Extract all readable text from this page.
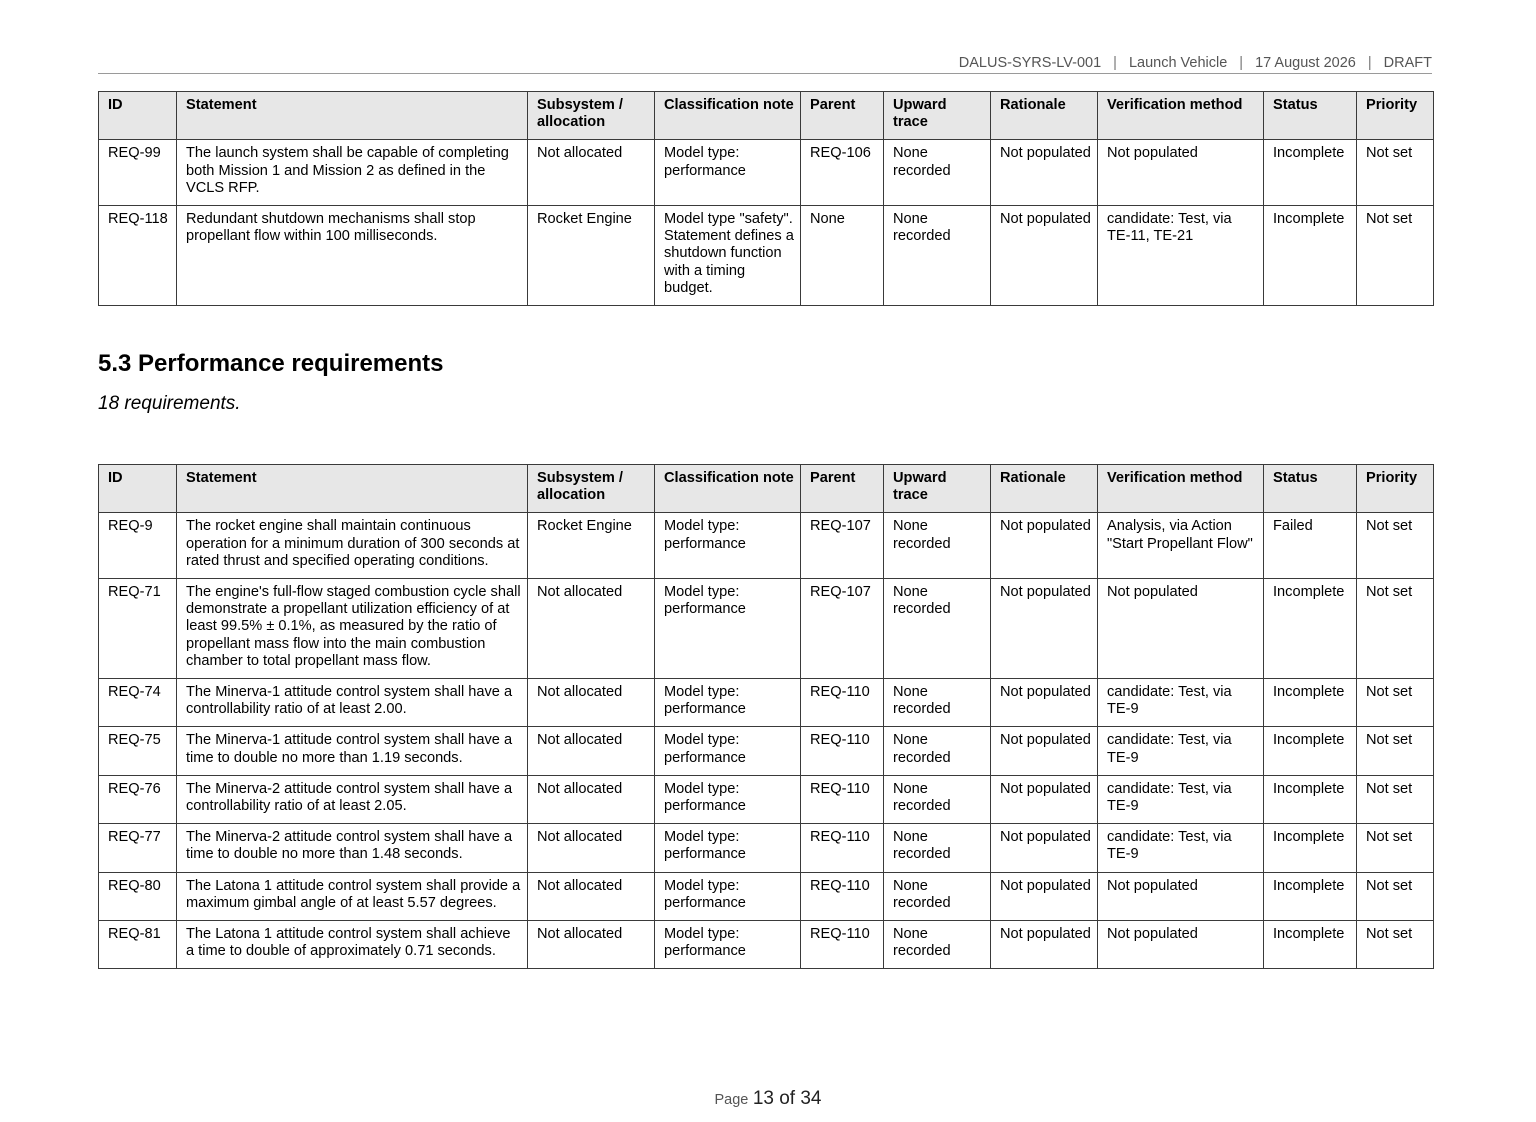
DALUS-SYRS-LV-001 | Launch Vehicle | 17 August 2026 | DRAFT
ID	Statement	Subsystem / allocation	Classification note	Parent	Upward trace	Rationale	Verification method	Status	Priority
REQ-99	The launch system shall be capable of completing both Mission 1 and Mission 2 as defined in the VCLS RFP.	Not allocated	Model type: performance	REQ-106	None recorded	Not populated	Not populated	Incomplete	Not set
REQ-118	Redundant shutdown mechanisms shall stop propellant flow within 100 milliseconds.	Rocket Engine	Model type "safety". Statement defines a shutdown function with a timing budget.	None	None recorded	Not populated	candidate: Test, via TE-11, TE-21	Incomplete	Not set
5.3 Performance requirements

18 requirements.

ID	Statement	Subsystem / allocation	Classification note	Parent	Upward trace	Rationale	Verification method	Status	Priority
REQ-9	The rocket engine shall maintain continuous operation for a minimum duration of 300 seconds at rated thrust and specified operating conditions.	Rocket Engine	Model type: performance	REQ-107	None recorded	Not populated	Analysis, via Action "Start Propellant Flow"	Failed	Not set
REQ-71	The engine's full-flow staged combustion cycle shall demonstrate a propellant utilization efficiency of at least 99.5% ± 0.1%, as measured by the ratio of propellant mass flow into the main combustion chamber to total propellant mass flow.	Not allocated	Model type: performance	REQ-107	None recorded	Not populated	Not populated	Incomplete	Not set
REQ-74	The Minerva-1 attitude control system shall have a controllability ratio of at least 2.00.	Not allocated	Model type: performance	REQ-110	None recorded	Not populated	candidate: Test, via TE-9	Incomplete	Not set
REQ-75	The Minerva-1 attitude control system shall have a time to double no more than 1.19 seconds.	Not allocated	Model type: performance	REQ-110	None recorded	Not populated	candidate: Test, via TE-9	Incomplete	Not set
REQ-76	The Minerva-2 attitude control system shall have a controllability ratio of at least 2.05.	Not allocated	Model type: performance	REQ-110	None recorded	Not populated	candidate: Test, via TE-9	Incomplete	Not set
REQ-77	The Minerva-2 attitude control system shall have a time to double no more than 1.48 seconds.	Not allocated	Model type: performance	REQ-110	None recorded	Not populated	candidate: Test, via TE-9	Incomplete	Not set
REQ-80	The Latona 1 attitude control system shall provide a maximum gimbal angle of at least 5.57 degrees.	Not allocated	Model type: performance	REQ-110	None recorded	Not populated	Not populated	Incomplete	Not set
REQ-81	The Latona 1 attitude control system shall achieve a time to double of approximately 0.71 seconds.	Not allocated	Model type: performance	REQ-110	None recorded	Not populated	Not populated	Incomplete	Not set
Page 13 of 34
